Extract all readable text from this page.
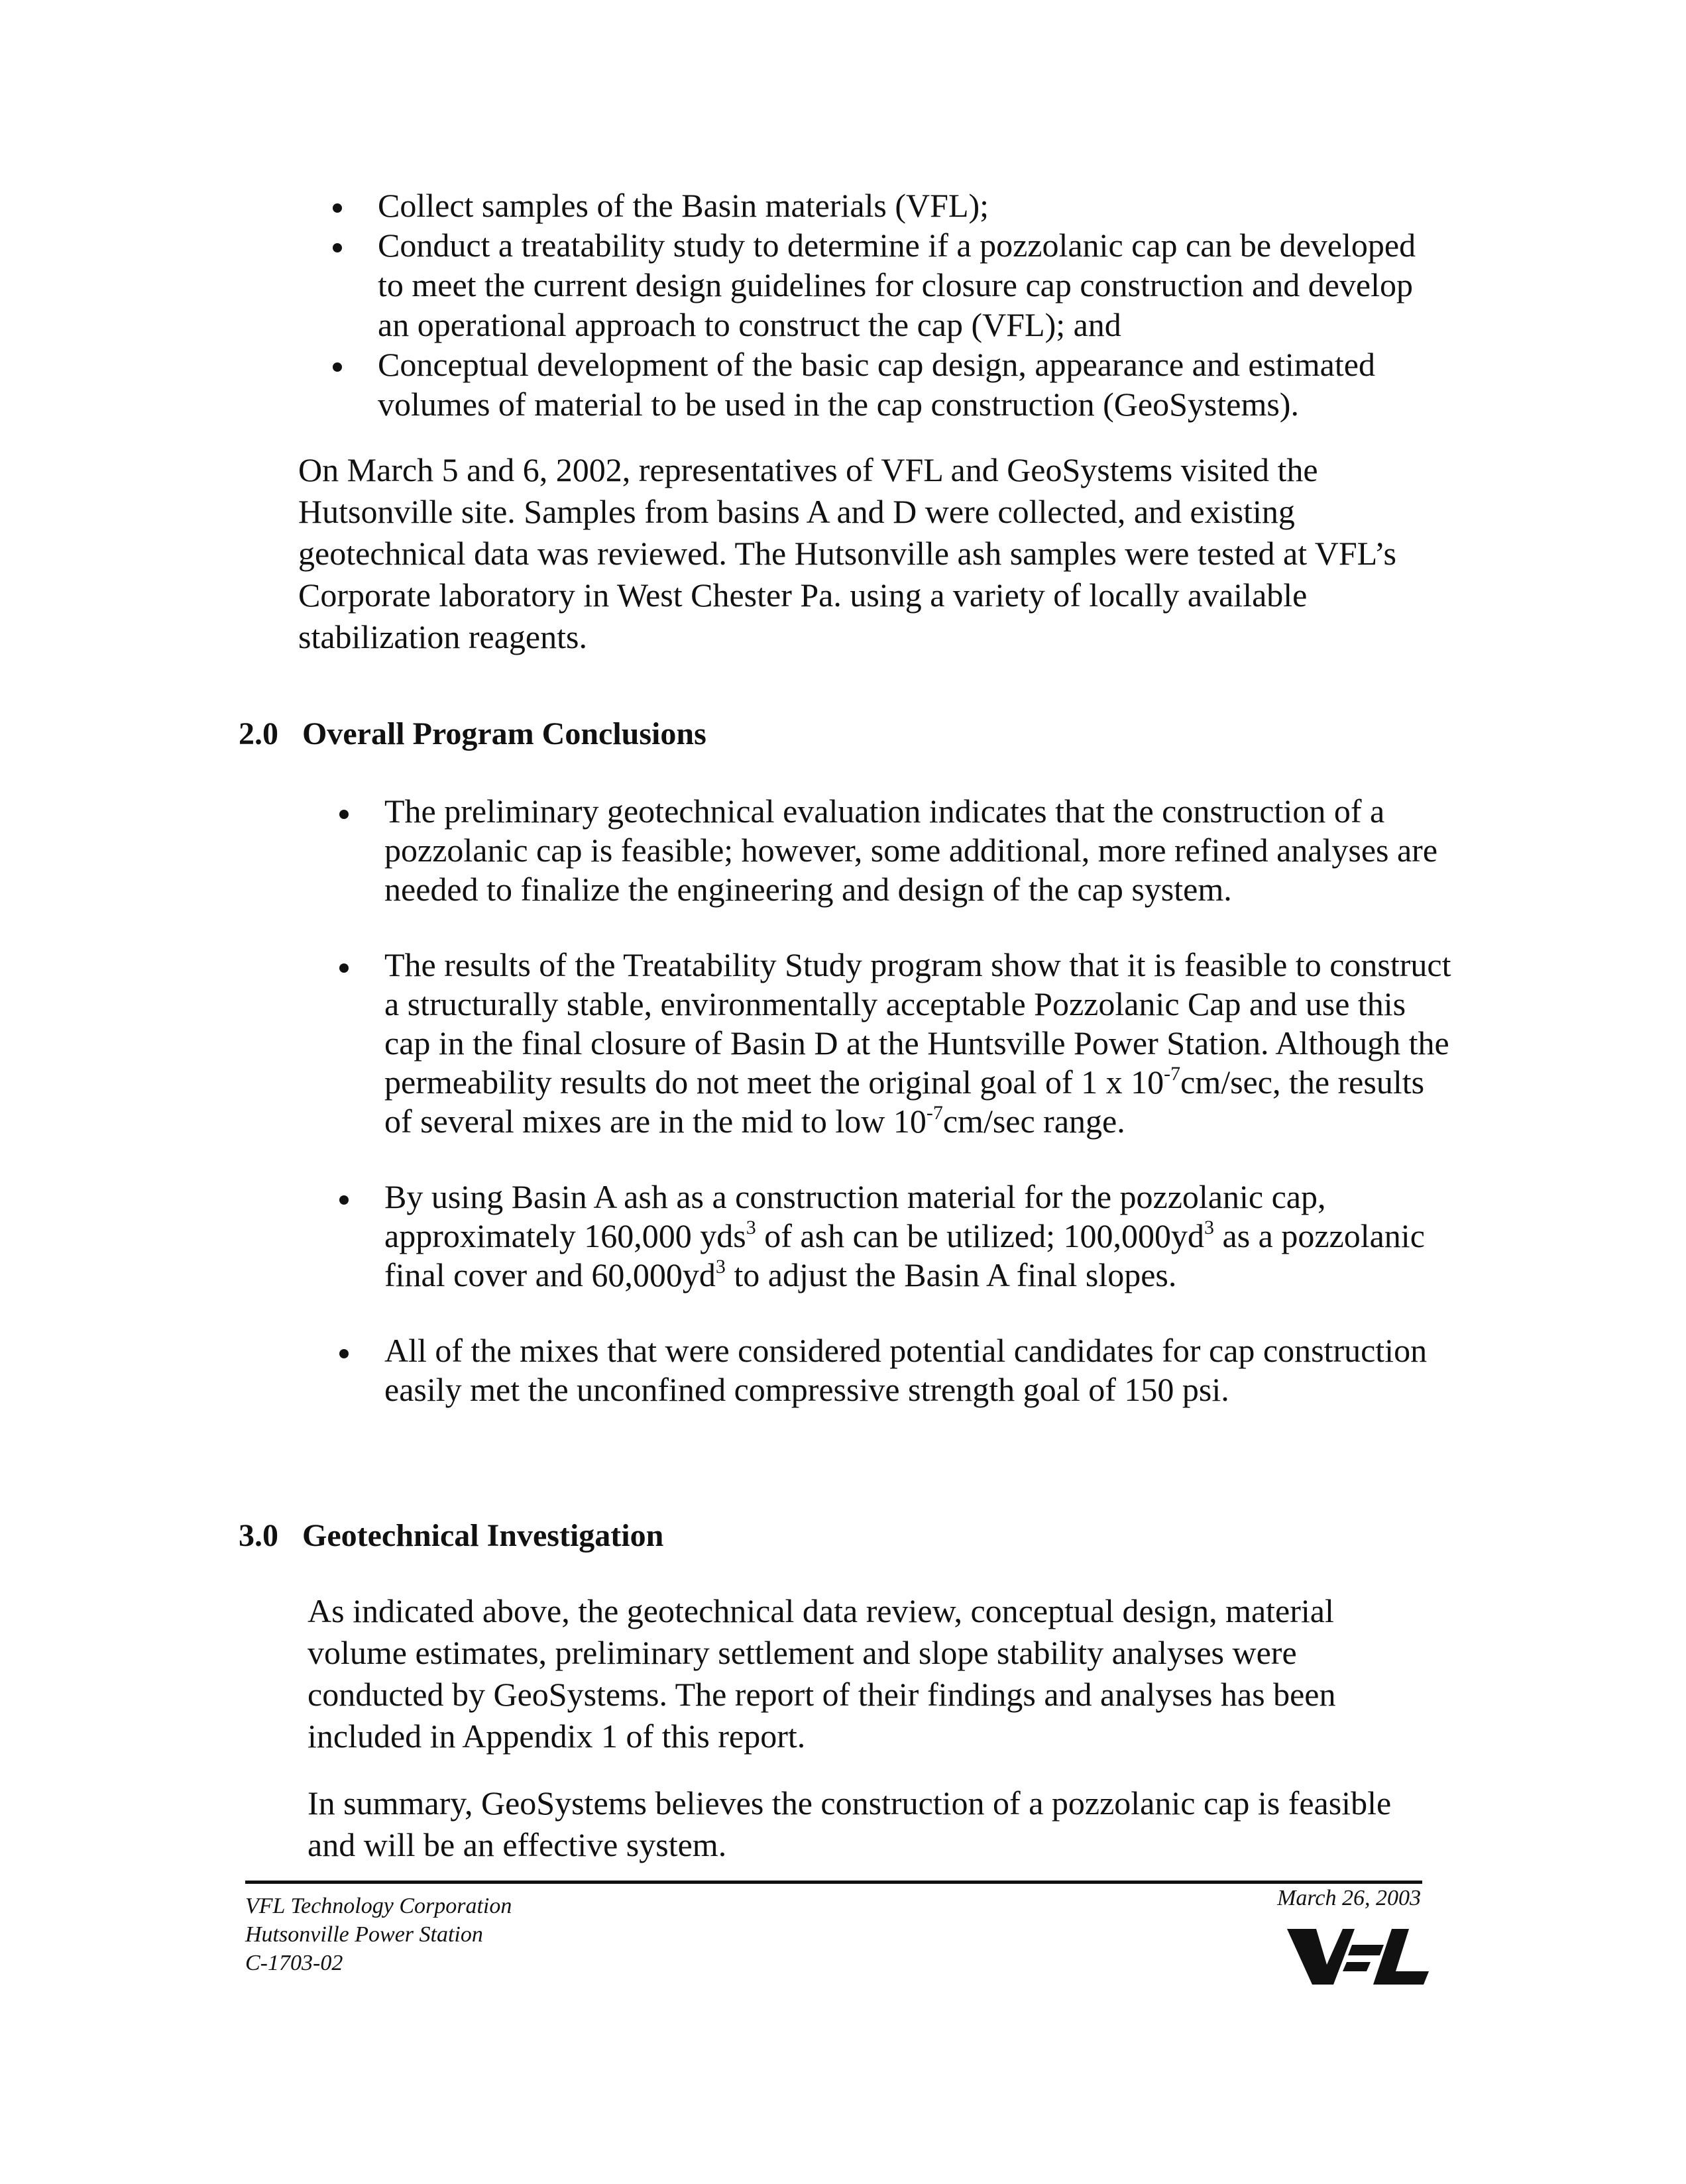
Collect samples of the Basin materials (VFL);
Conduct a treatability study to determine if a pozzolanic cap can be developed to meet the current design guidelines for closure cap construction and develop an operational approach to construct the cap (VFL); and
Conceptual development of the basic cap design, appearance and estimated volumes of material to be used in the cap construction (GeoSystems).
On March 5 and 6, 2002, representatives of VFL and GeoSystems visited the Hutsonville site. Samples from basins A and D were collected, and existing geotechnical data was reviewed. The Hutsonville ash samples were tested at VFL’s Corporate laboratory in West Chester Pa. using a variety of locally available stabilization reagents.
2.0 Overall Program Conclusions
The preliminary geotechnical evaluation indicates that the construction of a pozzolanic cap is feasible; however, some additional, more refined analyses are needed to finalize the engineering and design of the cap system.
The results of the Treatability Study program show that it is feasible to construct a structurally stable, environmentally acceptable Pozzolanic Cap and use this cap in the final closure of Basin D at the Huntsville Power Station. Although the permeability results do not meet the original goal of 1 x $10^{-7}cm/\sec$, the results of several mixes are in the mid to low $10^{-7}cm/\sec$ range.
By using Basin A ash as a construction material for the pozzolanic cap, approximately 160,000 yds$^3$ of ash can be utilized; $100,000yd^3$ as a pozzolanic final cover and $60,000yd^3$ to adjust the Basin A final slopes.
All of the mixes that were considered potential candidates for cap construction easily met the unconfined compressive strength goal of 150 psi.
3.0 Geotechnical Investigation
As indicated above, the geotechnical data review, conceptual design, material volume estimates, preliminary settlement and slope stability analyses were conducted by GeoSystems. The report of their findings and analyses has been included in Appendix 1 of this report.
In summary, GeoSystems believes the construction of a pozzolanic cap is feasible and will be an effective system.
VFL Technology Corporation
Hutsonville Power Station
C-1703-02
March 26, 2003
